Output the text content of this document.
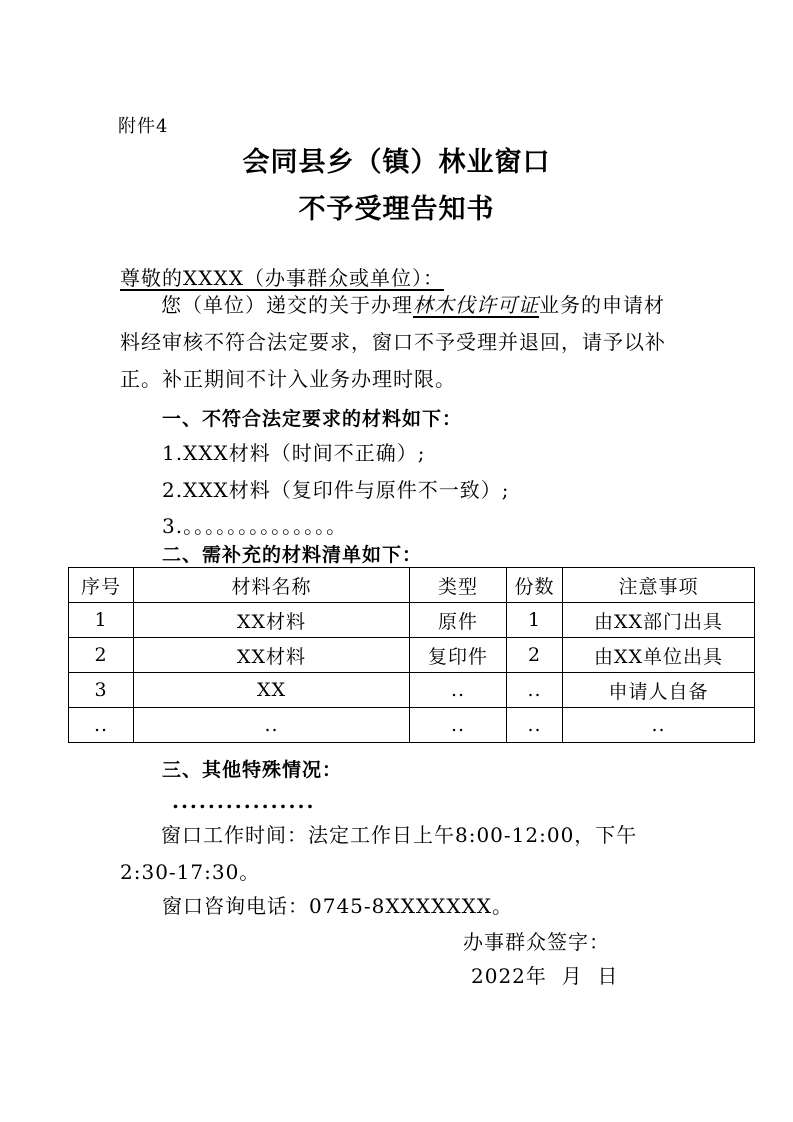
附件4
会同县乡（镇）林业窗口
不予受理告知书
尊敬的XXXX（办事群众或单位）：
您（单位）递交的关于办理林木伐许可证业务的申请材料经审核不符合法定要求，窗口不予受理并退回，请予以补正。补正期间不计入业务办理时限。
一、不符合法定要求的材料如下：
1.XXX材料（时间不正确）;
2.XXX材料（复印件与原件不一致）;
3.。。。。。。。。。。。。。。
二、需补充的材料清单如下：
序号	材料名称	类型	份数	注意事项
1	XX材料	原件	1	由XX部门出具
2	XX材料	复印件	2	由XX单位出具
3	XX	..	..	申请人自备
..	..	..	..	..
三、其他特殊情况：
................
窗口工作时间：法定工作日上午8:00-12:00，下午2:30-17:30。
窗口咨询电话：0745-8XXXXXXX。
办事群众签字：
2022年  月  日
